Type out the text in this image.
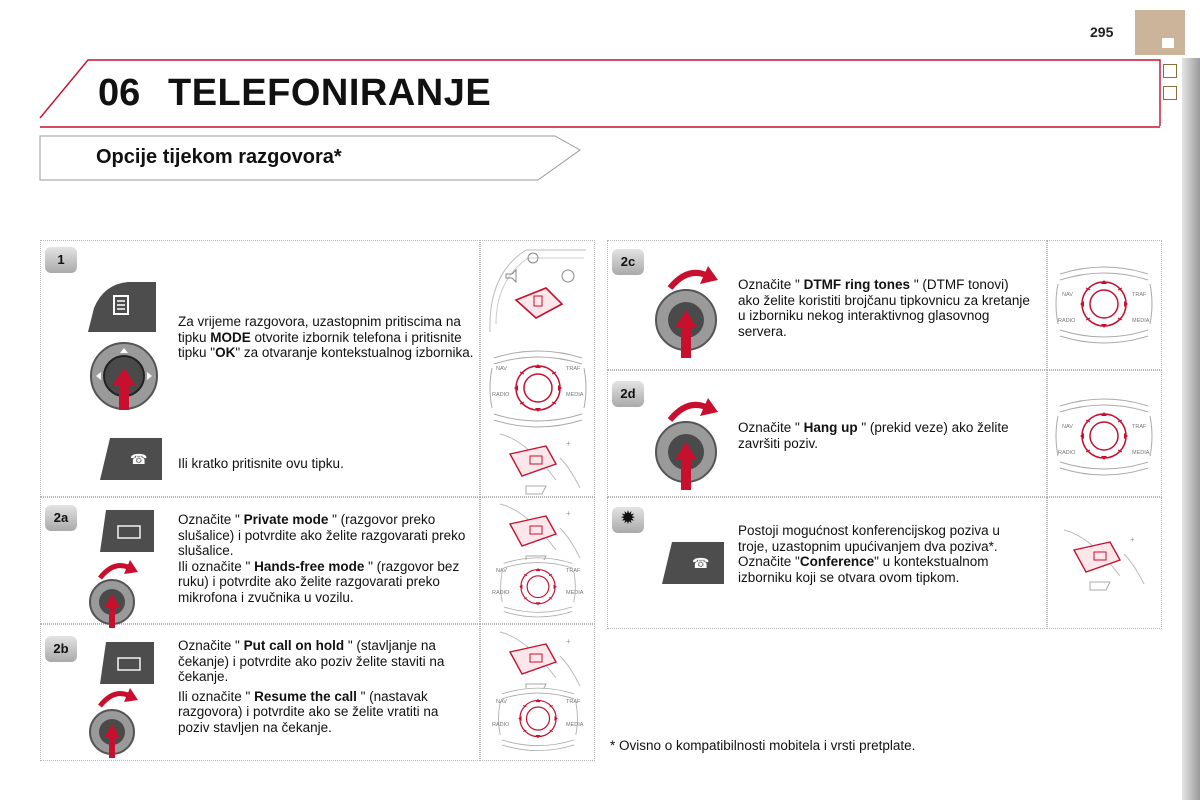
295
06 TELEFONIRANJE
Opcije tijekom razgovora*
1
2a
2b
2c
2d
✹
☎
☎
NAV	TRAF
RADIO	MEDIA
NAV	TRAF
RADIO	MEDIA
NAV	TRAF
RADIO	MEDIA
NAV	TRAF
RADIO	MEDIA
NAV	TRAF
RADIO	MEDIA
Za vrijeme razgovora, uzastopnim pritiscima na tipku MODE otvorite izbornik telefona i pritisnite tipku "OK" za otvaranje kontekstualnog izbornika.
Ili kratko pritisnite ovu tipku.
Označite " Private mode " (razgovor preko slušalice) i potvrdite ako želite razgovarati preko slušalice.
Ili označite " Hands-free mode " (razgovor bez ruku) i potvrdite ako želite razgovarati preko mikrofona i zvučnika u vozilu.
Označite " Put call on hold " (stavljanje na čekanje) i potvrdite ako poziv želite staviti na čekanje.
Ili označite " Resume the call " (nastavak razgovora) i potvrdite ako se želite vratiti na poziv stavljen na čekanje.
Označite " DTMF ring tones " (DTMF tonovi) ako želite koristiti brojčanu tipkovnicu za kretanje u izborniku nekog interaktivnog glasovnog servera.
Označite " Hang up " (prekid veze) ako želite završiti poziv.
Postoji mogućnost konferencijskog poziva u troje, uzastopnim upućivanjem dva poziva*. Označite "Conference" u kontekstualnom izborniku koji se otvara ovom tipkom.
* Ovisno o kompatibilnosti mobitela i vrsti pretplate.
